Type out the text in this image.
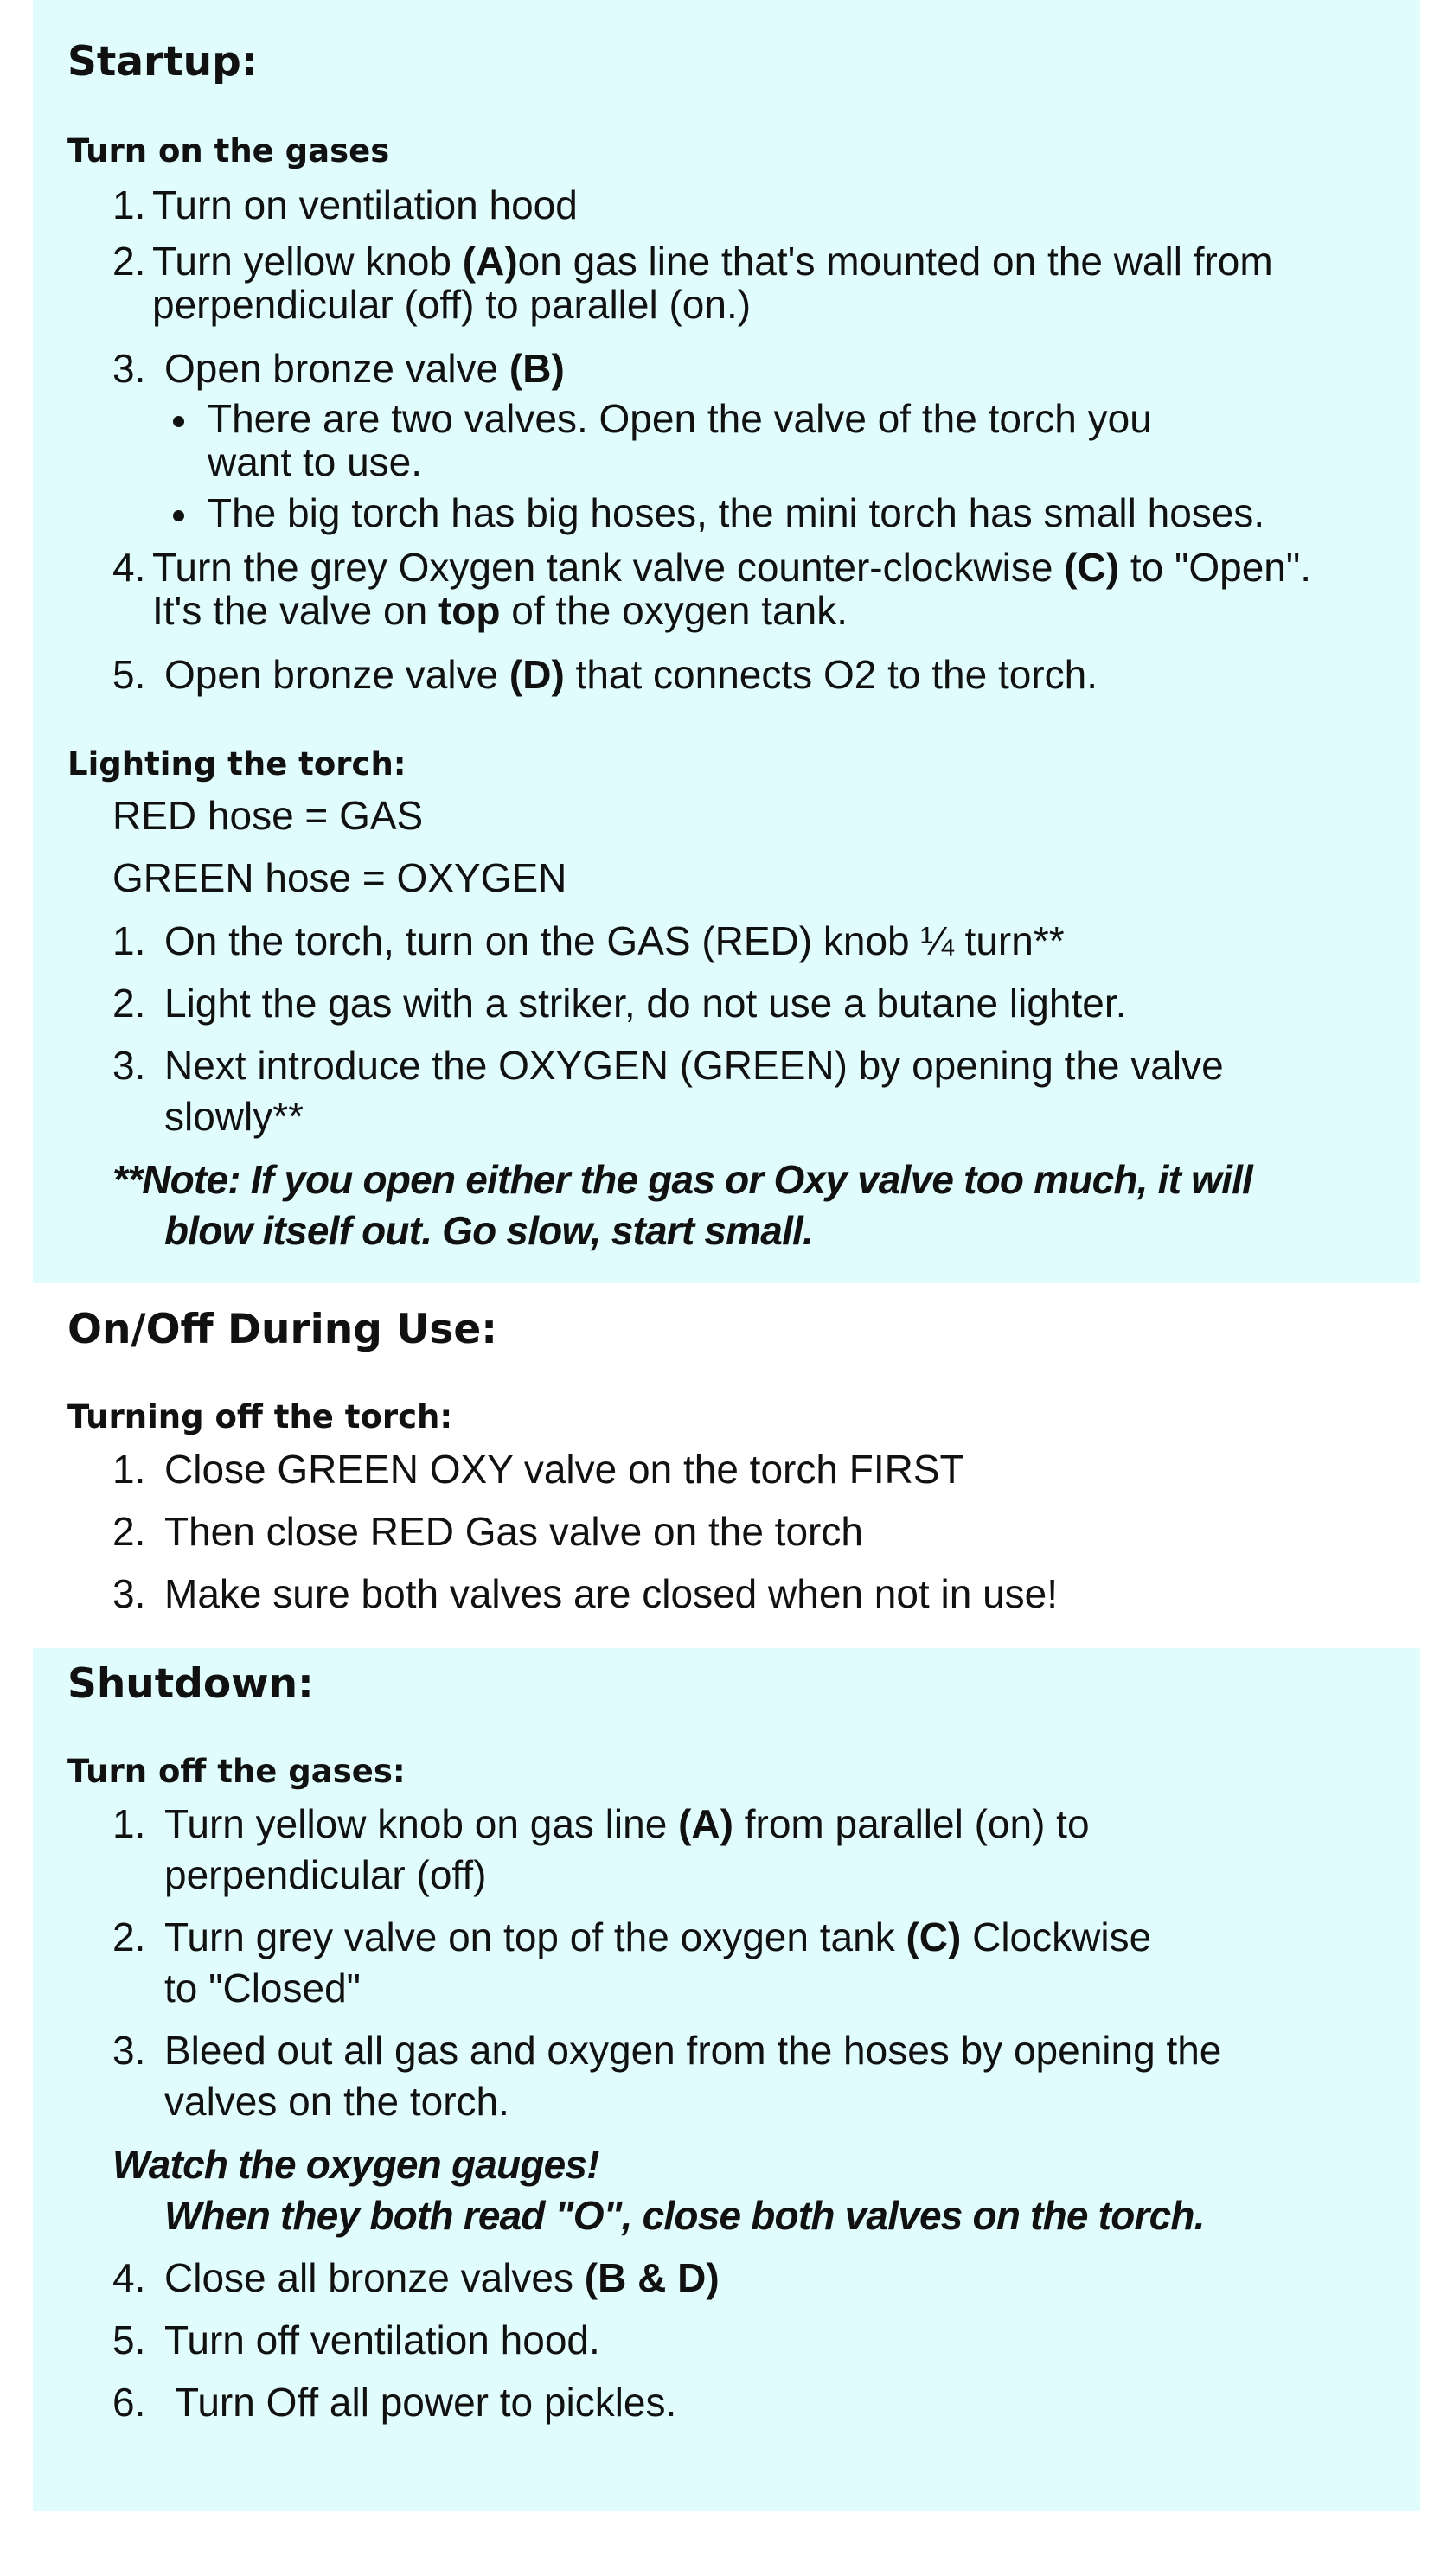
Startup:
Turn on the gases
1. Turn on ventilation hood
2. Turn yellow knob (A)on gas line that's mounted on the wall from
perpendicular (off) to parallel (on.)
3. Open bronze valve (B)
There are two valves. Open the valve of the torch you
want to use.
The big torch has big hoses, the mini torch has small hoses.
4. Turn the grey Oxygen tank valve counter-clockwise (C) to "Open".
It's the valve on top of the oxygen tank.
5. Open bronze valve (D) that connects O2 to the torch.
Lighting the torch:
RED hose = GAS
GREEN hose = OXYGEN
1. On the torch, turn on the GAS (RED) knob ¼ turn**
2. Light the gas with a striker, do not use a butane lighter.
3. Next introduce the OXYGEN (GREEN) by opening the valve
slowly**
**Note: If you open either the gas or Oxy valve too much, it will
blow itself out. Go slow, start small.
On/Off During Use:
Turning off the torch:
1. Close GREEN OXY valve on the torch FIRST
2. Then close RED Gas valve on the torch
3. Make sure both valves are closed when not in use!
Shutdown:
Turn off the gases:
1. Turn yellow knob on gas line (A) from parallel (on) to
perpendicular (off)
2. Turn grey valve on top of the oxygen tank (C) Clockwise
to "Closed"
3. Bleed out all gas and oxygen from the hoses by opening the
valves on the torch.
Watch the oxygen gauges!
When they both read "O", close both valves on the torch.
4. Close all bronze valves (B & D)
5. Turn off ventilation hood.
6. Turn Off all power to pickles.
